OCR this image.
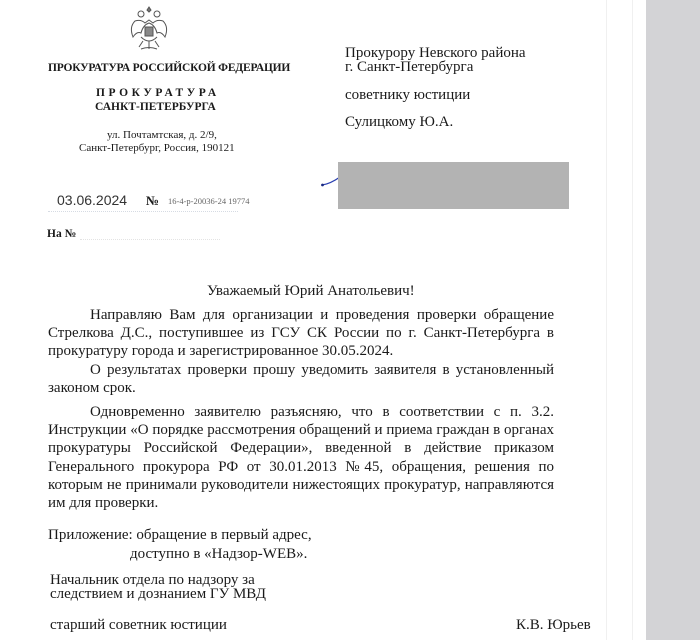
ПРОКУРАТУРА РОССИЙСКОЙ ФЕДЕРАЦИИ
ПРОКУРАТУРА
САНКТ-ПЕТЕРБУРГА
ул. Почтамтская, д. 2/9,
Санкт-Петербург, Россия, 190121
03.06.2024 № 16-4-р-20036-24 19774
На №
Прокурору Невского района
г. Санкт-Петербурга
советнику юстиции
Сулицкому Ю.А.
Уважаемый Юрий Анатольевич!
Направляю Вам для организации и проведения проверки обращение Стрелкова Д.С., поступившее из ГСУ СК России по г. Санкт-Петербурга в прокуратуру города и зарегистрированное 30.05.2024.
О результатах проверки прошу уведомить заявителя в установленный законом срок.
Одновременно заявителю разъясняю, что в соответствии с п. 3.2. Инструкции «О порядке рассмотрения обращений и приема граждан в органах прокуратуры Российской Федерации», введенной в действие приказом Генерального прокурора РФ от 30.01.2013 №45, обращения, решения по которым не принимали руководители нижестоящих прокуратур, направляются им для проверки.
Приложение: обращение в первый адрес,
доступно в «Надзор-WEB».
Начальник отдела по надзору за
следствием и дознанием ГУ МВД
старший советник юстиции	К.В. Юрьев
